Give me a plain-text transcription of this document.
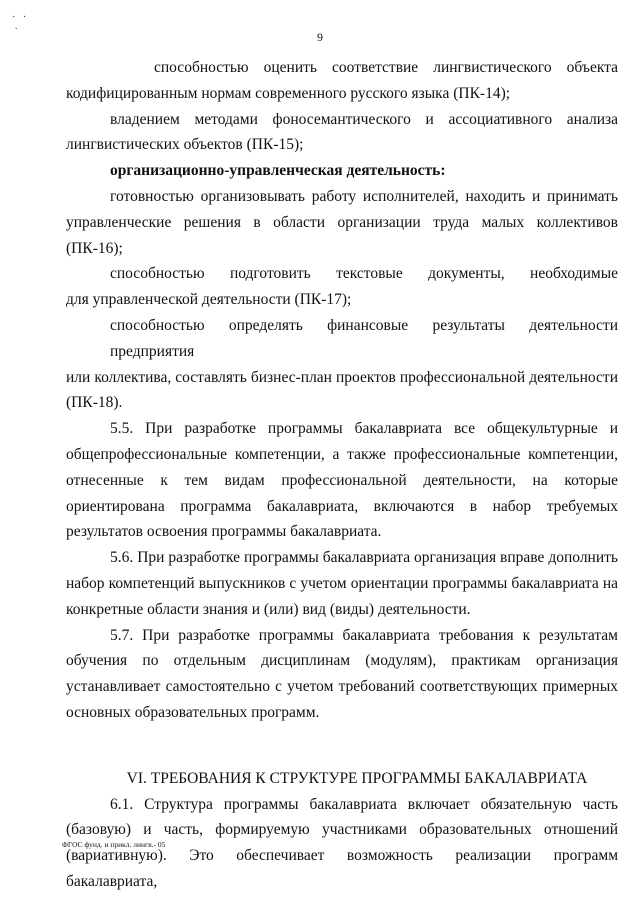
·   ·
·
9
способностью оценить соответствие лингвистического объекта
кодифицированным нормам современного русского языка (ПК-14);
владением методами фоносемантического и ассоциативного анализа
лингвистических объектов (ПК-15);
организационно-управленческая деятельность:
готовностью организовывать работу исполнителей, находить и принимать
управленческие решения в области организации труда малых коллективов (ПК-16);
способностью подготовить текстовые документы, необходимые
для управленческой деятельности (ПК-17);
способностью определять финансовые результаты деятельности предприятия
или коллектива, составлять бизнес-план проектов профессиональной деятельности
(ПК-18).
5.5. При разработке программы бакалавриата все общекультурные и
общепрофессиональные компетенции, а также профессиональные компетенции,
отнесенные к тем видам профессиональной деятельности, на которые
ориентирована программа бакалавриата, включаются в набор требуемых
результатов освоения программы бакалавриата.
5.6. При разработке программы бакалавриата организация вправе дополнить
набор компетенций выпускников с учетом ориентации программы бакалавриата на
конкретные области знания и (или) вид (виды) деятельности.
5.7. При разработке программы бакалавриата требования к результатам
обучения по отдельным дисциплинам (модулям), практикам организация
устанавливает самостоятельно с учетом требований соответствующих примерных
основных образовательных программ.
VI. ТРЕБОВАНИЯ К СТРУКТУРЕ ПРОГРАММЫ БАКАЛАВРИАТА
6.1. Структура программы бакалавриата включает обязательную часть
(базовую) и часть, формируемую участниками образовательных отношений
(вариативную). Это обеспечивает возможность реализации программ бакалавриата,
ФГОС фунд. и прикл. лингв.- 05
